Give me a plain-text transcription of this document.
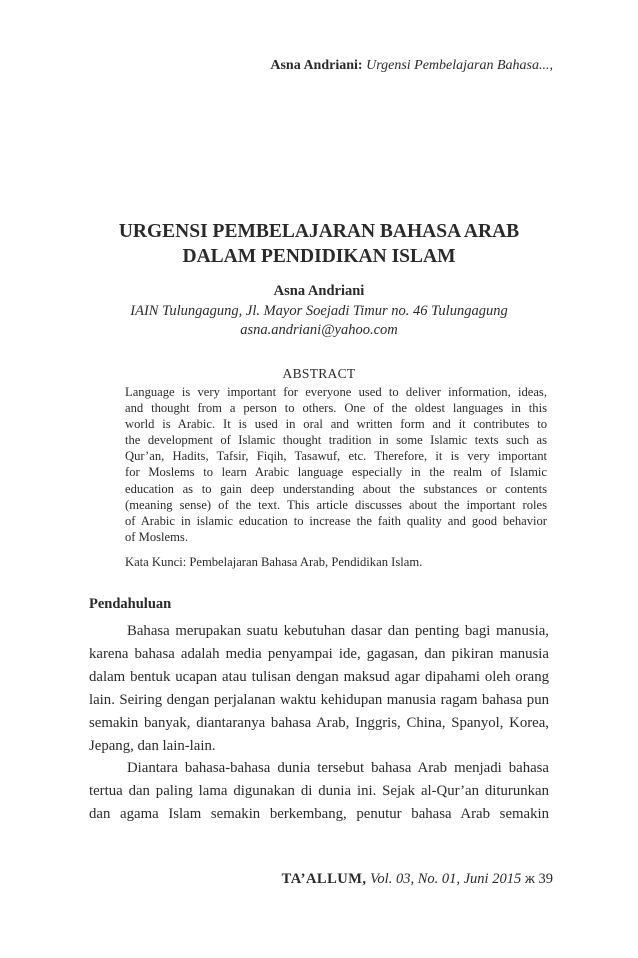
Asna Andriani: Urgensi Pembelajaran Bahasa...,
URGENSI PEMBELAJARAN BAHASA ARAB
DALAM PENDIDIKAN ISLAM
Asna Andriani
IAIN Tulungagung, Jl. Mayor Soejadi Timur no. 46 Tulungagung
asna.andriani@yahoo.com
ABSTRACT
Language is very important for everyone used to deliver information, ideas,
and thought from a person to others. One of the oldest languages in this
world is Arabic. It is used in oral and written form and it contributes to
the development of Islamic thought tradition in some Islamic texts such as
Qur’an, Hadits, Tafsir, Fiqih, Tasawuf, etc. Therefore, it is very important
for Moslems to learn Arabic language especially in the realm of Islamic
education as to gain deep understanding about the substances or contents
(meaning sense) of the text. This article discusses about the important roles
of Arabic in islamic education to increase the faith quality and good behavior
of Moslems.
Kata Kunci: Pembelajaran Bahasa Arab, Pendidikan Islam.
Pendahuluan
Bahasa merupakan suatu kebutuhan dasar dan penting bagi manusia,
karena bahasa adalah media penyampai ide, gagasan, dan pikiran manusia
dalam bentuk ucapan atau tulisan dengan maksud agar dipahami oleh orang
lain. Seiring dengan perjalanan waktu kehidupan manusia ragam bahasa pun
semakin banyak, diantaranya bahasa Arab, Inggris, China, Spanyol, Korea,
Jepang, dan lain-lain.
Diantara bahasa-bahasa dunia tersebut bahasa Arab menjadi bahasa
tertua dan paling lama digunakan di dunia ini. Sejak al-Qur’an diturunkan
dan agama Islam semakin berkembang, penutur bahasa Arab semakin
TA’ALLUM, Vol. 03, No. 01, Juni 2015 ж 39
